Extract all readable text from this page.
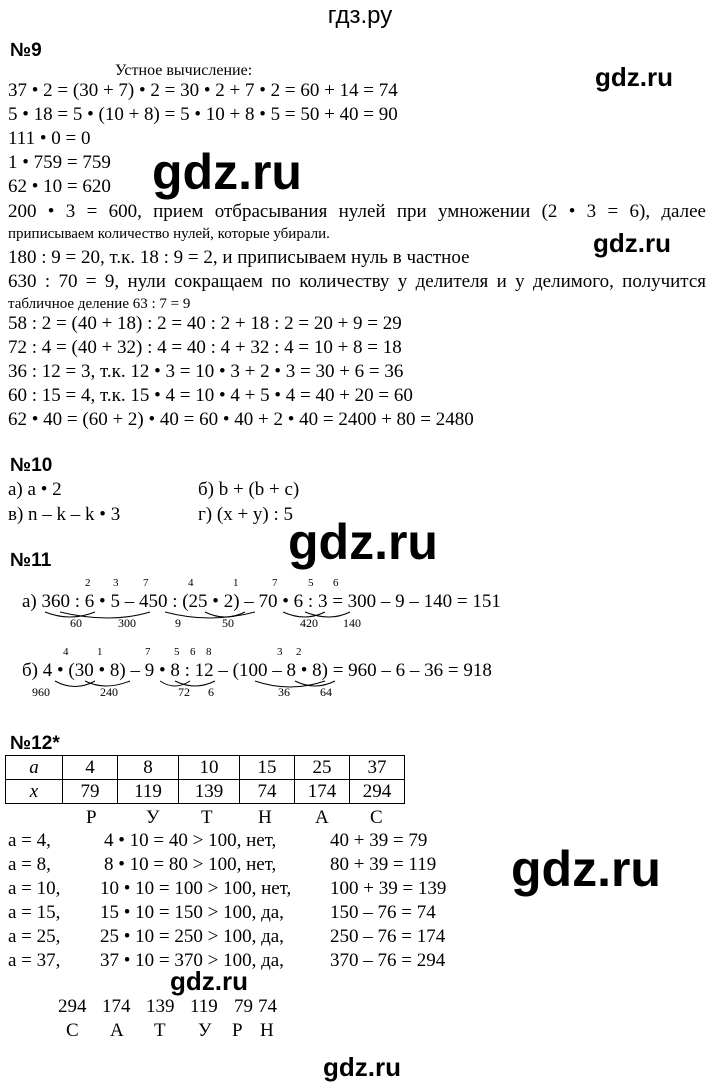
гдз.ру
gdz.ru
gdz.ru
gdz.ru
gdz.ru
gdz.ru
gdz.ru
gdz.ru
№9
Устное вычисление:
37 • 2 = (30 + 7) • 2 = 30 • 2 + 7 • 2 = 60 + 14 = 74
5 • 18 = 5 • (10 + 8) = 5 • 10 + 8 • 5 = 50 + 40 = 90
111 • 0 = 0
1 • 759 = 759
62 • 10 = 620
200 • 3 = 600, прием отбрасывания нулей при умножении (2 • 3 = 6), далее
приписываем количество нулей, которые убирали.
180 : 9 = 20, т.к. 18 : 9 = 2, и приписываем нуль в частное
630 : 70 = 9, нули сокращаем по количеству у делителя и у делимого, получится
табличное деление 63 : 7 = 9
58 : 2 = (40 + 18) : 2 = 40 : 2 + 18 : 2 = 20 + 9 = 29
72 : 4 = (40 + 32) : 4 = 40 : 4 + 32 : 4 = 10 + 8 = 18
36 : 12 = 3, т.к. 12 • 3 = 10 • 3 + 2 • 3 = 30 + 6 = 36
60 : 15 = 4, т.к. 15 • 4 = 10 • 4 + 5 • 4 = 40 + 20 = 60
62 • 40 = (60 + 2) • 40 = 60 • 40 + 2 • 40 = 2400 + 80 = 2480
№10
а) a • 2	б) b + (b + c)
в) n – k – k • 3	г) (x + y) : 5
№11
2 3 7	4	1	7	5 6
а) 360 : 6 • 5 – 450 : (25 • 2) – 70 • 6 : 3 = 300 – 9 – 140 = 151
60	300	9	50	420 140
4	1	7 5 6 8	3 2
б) 4 • (30 • 8) – 9 • 8 : 12 – (100 – 8 • 8) = 960 – 6 – 36 = 918
960	240	72 6	36	64
№12*
a	4	8	10	15	25	37
x	79	119	139	74	174	294
Р	У Т Н А С
а = 4,	4 • 10 = 40 > 100, нет,	40 + 39 = 79
а = 8,	8 • 10 = 80 > 100, нет,	80 + 39 = 119
а = 10, 10 • 10 = 100 > 100, нет, 100 + 39 = 139
а = 15, 15 • 10 = 150 > 100, да, 150 – 76 = 74
а = 25, 25 • 10 = 250 > 100, да, 250 – 76 = 174
а = 37, 37 • 10 = 370 > 100, да, 370 – 76 = 294
294 174 139 119 79 74
С А Т У Р Н
